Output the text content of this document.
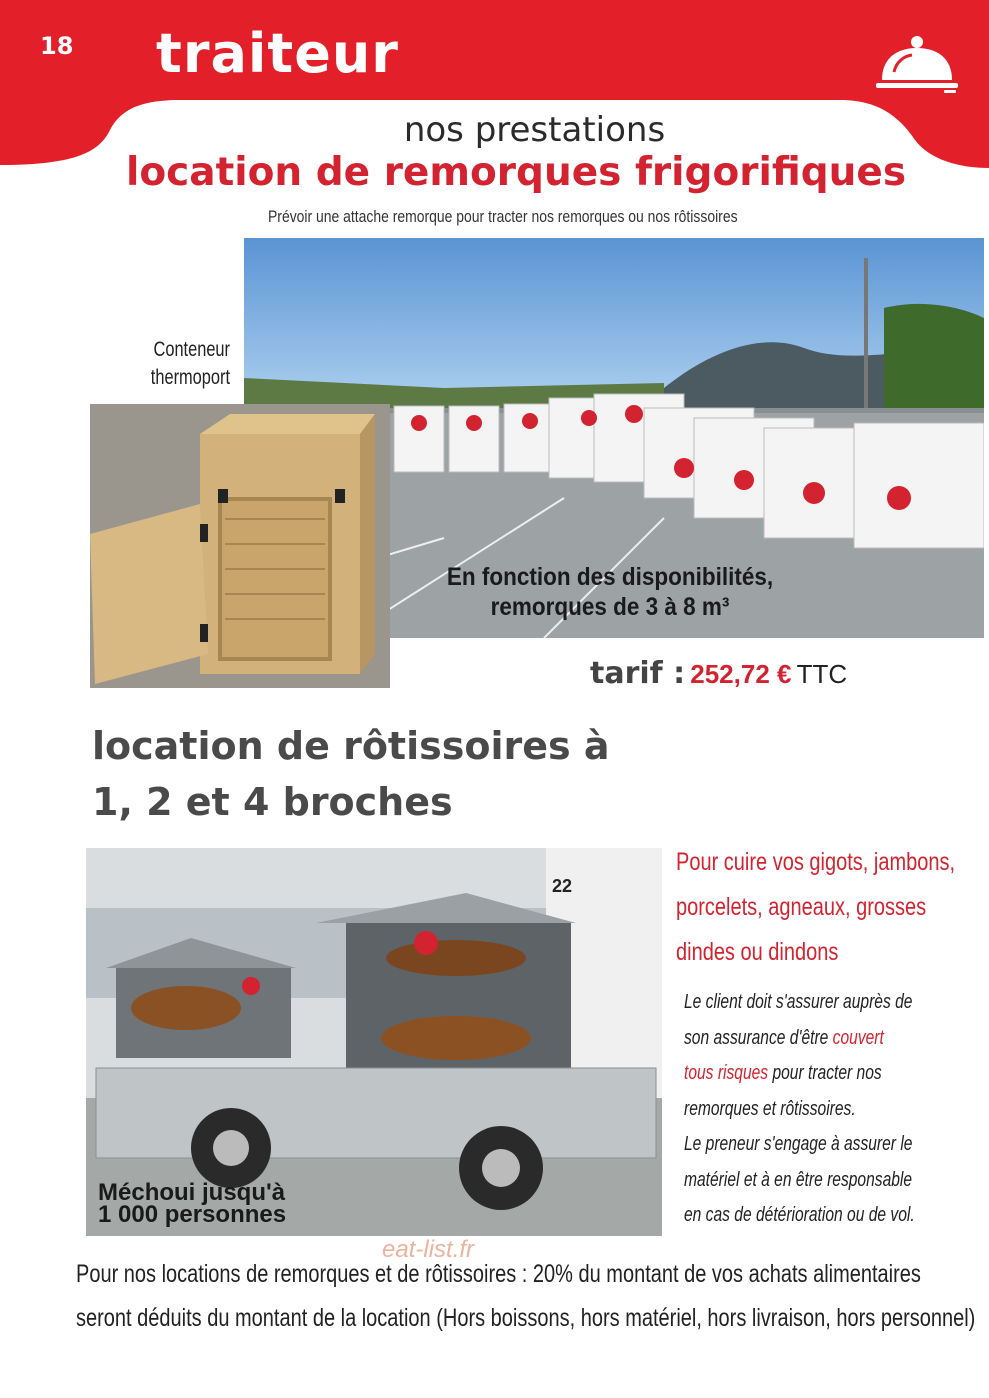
18 traiteur
nos prestations
location de remorques frigorifiques
Prévoir une attache remorque pour tracter nos remorques ou nos rôtissoires
Conteneur
thermoport
En fonction des disponibilités,
remorques de 3 à 8 m³
tarif : 252,72 € TTC
location de rôtissoires à
1, 2 et 4 broches
22
Méchoui jusqu'à
1 000 personnes
Pour cuire vos gigots, jambons,
porcelets, agneaux, grosses
dindes ou dindons
Le client doit s'assurer auprès de
son assurance d'être couvert
tous risques pour tracter nos
remorques et rôtissoires.
Le preneur s'engage à assurer le
matériel et à en être responsable
en cas de détérioration ou de vol.
eat-list.fr
Pour nos locations de remorques et de rôtissoires : 20% du montant de vos achats alimentaires
seront déduits du montant de la location (Hors boissons, hors matériel, hors livraison, hors personnel)
